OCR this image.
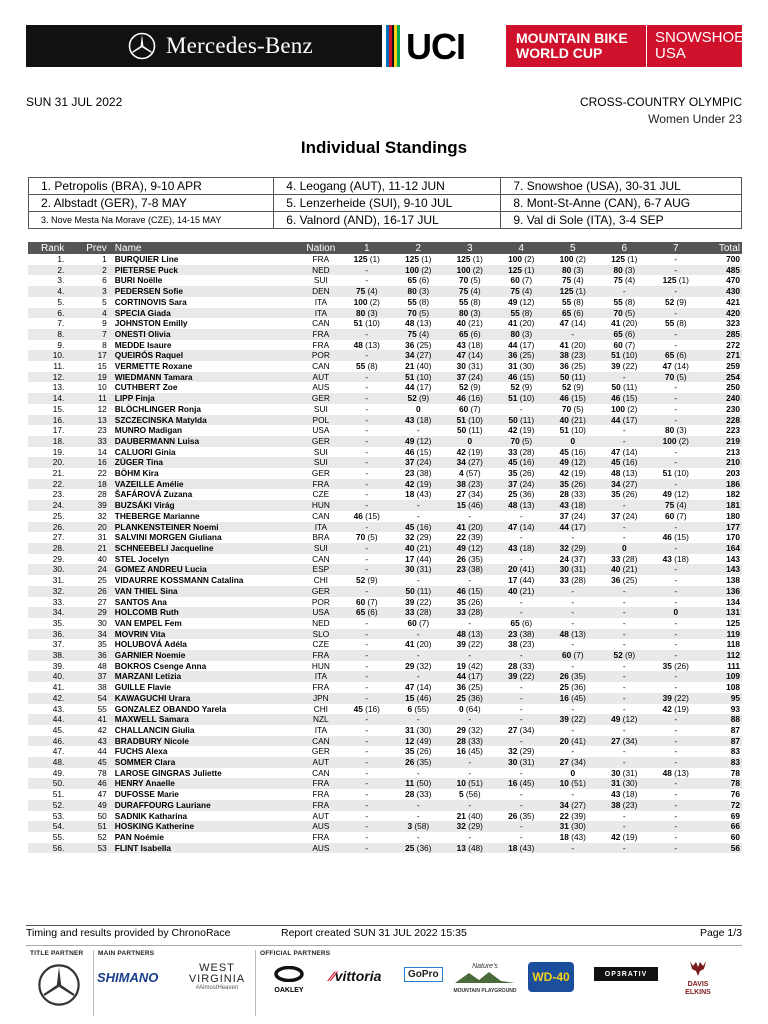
Mercedes-Benz	UCI	MOUNTAIN BIKE
WORLD CUP
SNOWSHOE
USA
SUN 31 JUL 2022	CROSS-COUNTRY OLYMPIC
Women Under 23
Individual Standings
1. Petropolis (BRA), 9-10 APR	4. Leogang (AUT), 11-12 JUN	7. Snowshoe (USA), 30-31 JUL
2. Albstadt (GER), 7-8 MAY	5. Lenzerheide (SUI), 9-10 JUL	8. Mont-St-Anne (CAN), 6-7 AUG
3. Nove Mesta Na Morave (CZE), 14-15 MAY	6. Valnord (AND), 16-17 JUL	9. Val di Sole (ITA), 3-4 SEP
Rank	Prev	Name	Nation	1	2	3	4	5	6	7	Total
1.	1	BURQUIER Line	FRA	125 (1)	125 (1)	125 (1)	100 (2)	100 (2)	125 (1)	-	700
2.	2	PIETERSE Puck	NED	-	100 (2)	100 (2)	125 (1)	80 (3)	80 (3)	-	485
3.	6	BURI Noëlle	SUI	-	65 (6)	70 (5)	60 (7)	75 (4)	75 (4)	125 (1)	470
4.	3	PEDERSEN Sofie	DEN	75 (4)	80 (3)	75 (4)	75 (4)	125 (1)	-	-	430
5.	5	CORTINOVIS Sara	ITA	100 (2)	55 (8)	55 (8)	49 (12)	55 (8)	55 (8)	52 (9)	421
6.	4	SPECIA Giada	ITA	80 (3)	70 (5)	80 (3)	55 (8)	65 (6)	70 (5)	-	420
7.	9	JOHNSTON Emilly	CAN	51 (10)	48 (13)	40 (21)	41 (20)	47 (14)	41 (20)	55 (8)	323
8.	7	ONESTI Olivia	FRA	-	75 (4)	65 (6)	80 (3)	-	65 (6)	-	285
9.	8	MEDDE Isaure	FRA	48 (13)	36 (25)	43 (18)	44 (17)	41 (20)	60 (7)	-	272
10.	17	QUEIRÓS Raquel	POR	-	34 (27)	47 (14)	36 (25)	38 (23)	51 (10)	65 (6)	271
11.	15	VERMETTE Roxane	CAN	55 (8)	21 (40)	30 (31)	31 (30)	36 (25)	39 (22)	47 (14)	259
12.	19	WIEDMANN Tamara	AUT	-	51 (10)	37 (24)	46 (15)	50 (11)	-	70 (5)	254
13.	10	CUTHBERT Zoe	AUS	-	44 (17)	52 (9)	52 (9)	52 (9)	50 (11)	-	250
14.	11	LIPP Finja	GER	-	52 (9)	46 (16)	51 (10)	46 (15)	46 (15)	-	240
15.	12	BLÖCHLINGER Ronja	SUI	-	0	60 (7)	-	70 (5)	100 (2)	-	230
16.	13	SZCZECINSKA Matylda	POL	-	43 (18)	51 (10)	50 (11)	40 (21)	44 (17)	-	228
17.	23	MUNRO Madigan	USA	-	-	50 (11)	42 (19)	51 (10)	-	80 (3)	223
18.	33	DAUBERMANN Luisa	GER	-	49 (12)	0	70 (5)	0	-	100 (2)	219
19.	14	CALUORI Ginia	SUI	-	46 (15)	42 (19)	33 (28)	45 (16)	47 (14)	-	213
20.	16	ZÜGER Tina	SUI	-	37 (24)	34 (27)	45 (16)	49 (12)	45 (16)	-	210
21.	22	BÖHM Kira	GER	-	23 (38)	4 (57)	35 (26)	42 (19)	48 (13)	51 (10)	203
22.	18	VAZEILLE Amélie	FRA	-	42 (19)	38 (23)	37 (24)	35 (26)	34 (27)	-	186
23.	28	ŠAFÁROVÁ Zuzana	CZE	-	18 (43)	27 (34)	25 (36)	28 (33)	35 (26)	49 (12)	182
24.	39	BUZSÁKI Virág	HUN	-	-	15 (46)	48 (13)	43 (18)	-	75 (4)	181
25.	32	THEBERGE Marianne	CAN	46 (15)	-	-	-	37 (24)	37 (24)	60 (7)	180
26.	20	PLANKENSTEINER Noemi	ITA	-	45 (16)	41 (20)	47 (14)	44 (17)	-	-	177
27.	31	SALVINI MORGEN Giuliana	BRA	70 (5)	32 (29)	22 (39)	-	-	-	46 (15)	170
28.	21	SCHNEEBELI Jacqueline	SUI	-	40 (21)	49 (12)	43 (18)	32 (29)	0	-	164
29.	40	STEL Jocelyn	CAN	-	17 (44)	26 (35)	-	24 (37)	33 (28)	43 (18)	143
30.	24	GOMEZ ANDREU Lucia	ESP	-	30 (31)	23 (38)	20 (41)	30 (31)	40 (21)	-	143
31.	25	VIDAURRE KOSSMANN Catalina	CHI	52 (9)	-	-	17 (44)	33 (28)	36 (25)	-	138
32.	26	VAN THIEL Sina	GER	-	50 (11)	46 (15)	40 (21)	-	-	-	136
33.	27	SANTOS Ana	POR	60 (7)	39 (22)	35 (26)	-	-	-	-	134
34.	29	HOLCOMB Ruth	USA	65 (6)	33 (28)	33 (28)	-	-	-	0	131
35.	30	VAN EMPEL Fem	NED	-	60 (7)	-	65 (6)	-	-	-	125
36.	34	MOVRIN Vita	SLO	-	-	48 (13)	23 (38)	48 (13)	-	-	119
37.	35	HOLUBOVÁ Adéla	CZE	-	41 (20)	39 (22)	38 (23)	-	-	-	118
38.	36	GARNIER Noemie	FRA	-	-	-	-	60 (7)	52 (9)	-	112
39.	48	BOKROS Csenge Anna	HUN	-	29 (32)	19 (42)	28 (33)	-	-	35 (26)	111
40.	37	MARZANI Letizia	ITA	-	-	44 (17)	39 (22)	26 (35)	-	-	109
41.	38	GUILLE Flavie	FRA	-	47 (14)	36 (25)	-	25 (36)	-	-	108
42.	54	KAWAGUCHI Urara	JPN	-	15 (46)	25 (36)	-	16 (45)	-	39 (22)	95
43.	55	GONZALEZ OBANDO Yarela	CHI	45 (16)	6 (55)	0 (64)	-	-	-	42 (19)	93
44.	41	MAXWELL Samara	NZL	-	-	-	-	39 (22)	49 (12)	-	88
45.	42	CHALLANCIN Giulia	ITA	-	31 (30)	29 (32)	27 (34)	-	-	-	87
46.	43	BRADBURY Nicole	CAN	-	12 (49)	28 (33)	-	20 (41)	27 (34)	-	87
47.	44	FUCHS Alexa	GER	-	35 (26)	16 (45)	32 (29)	-	-	-	83
48.	45	SOMMER Clara	AUT	-	26 (35)	-	30 (31)	27 (34)	-	-	83
49.	78	LAROSE GINGRAS Juliette	CAN	-	-	-	-	0	30 (31)	48 (13)	78
50.	46	HENRY Anaelle	FRA	-	11 (50)	10 (51)	16 (45)	10 (51)	31 (30)	-	78
51.	47	DUFOSSE Marie	FRA	-	28 (33)	5 (56)	-	-	43 (18)	-	76
52.	49	DURAFFOURG Lauriane	FRA	-	-	-	-	34 (27)	38 (23)	-	72
53.	50	SADNIK Katharina	AUT	-	-	21 (40)	26 (35)	22 (39)	-	-	69
54.	51	HOSKING Katherine	AUS	-	3 (58)	32 (29)	-	31 (30)	-	-	66
55.	52	PAN Noémie	FRA	-	-	-	-	18 (43)	42 (19)	-	60
56.	53	FLINT Isabella	AUS	-	25 (36)	13 (48)	18 (43)	-	-	-	56
Timing and results provided by ChronoRace	Report created SUN 31 JUL 2022 15:35	Page 1/3
TITLE PARTNER MAIN PARTNERS	OFFICIAL PARTNERS
SHIMANO
WEST
VIRGINIA
#AlmostHeaven	OAKLEY
⁄⁄vittoria	GoPro
Nature's
MOUNTAIN PLAYGROUND
WD-40	OP3RATIV
DAVIS
ELKINS
